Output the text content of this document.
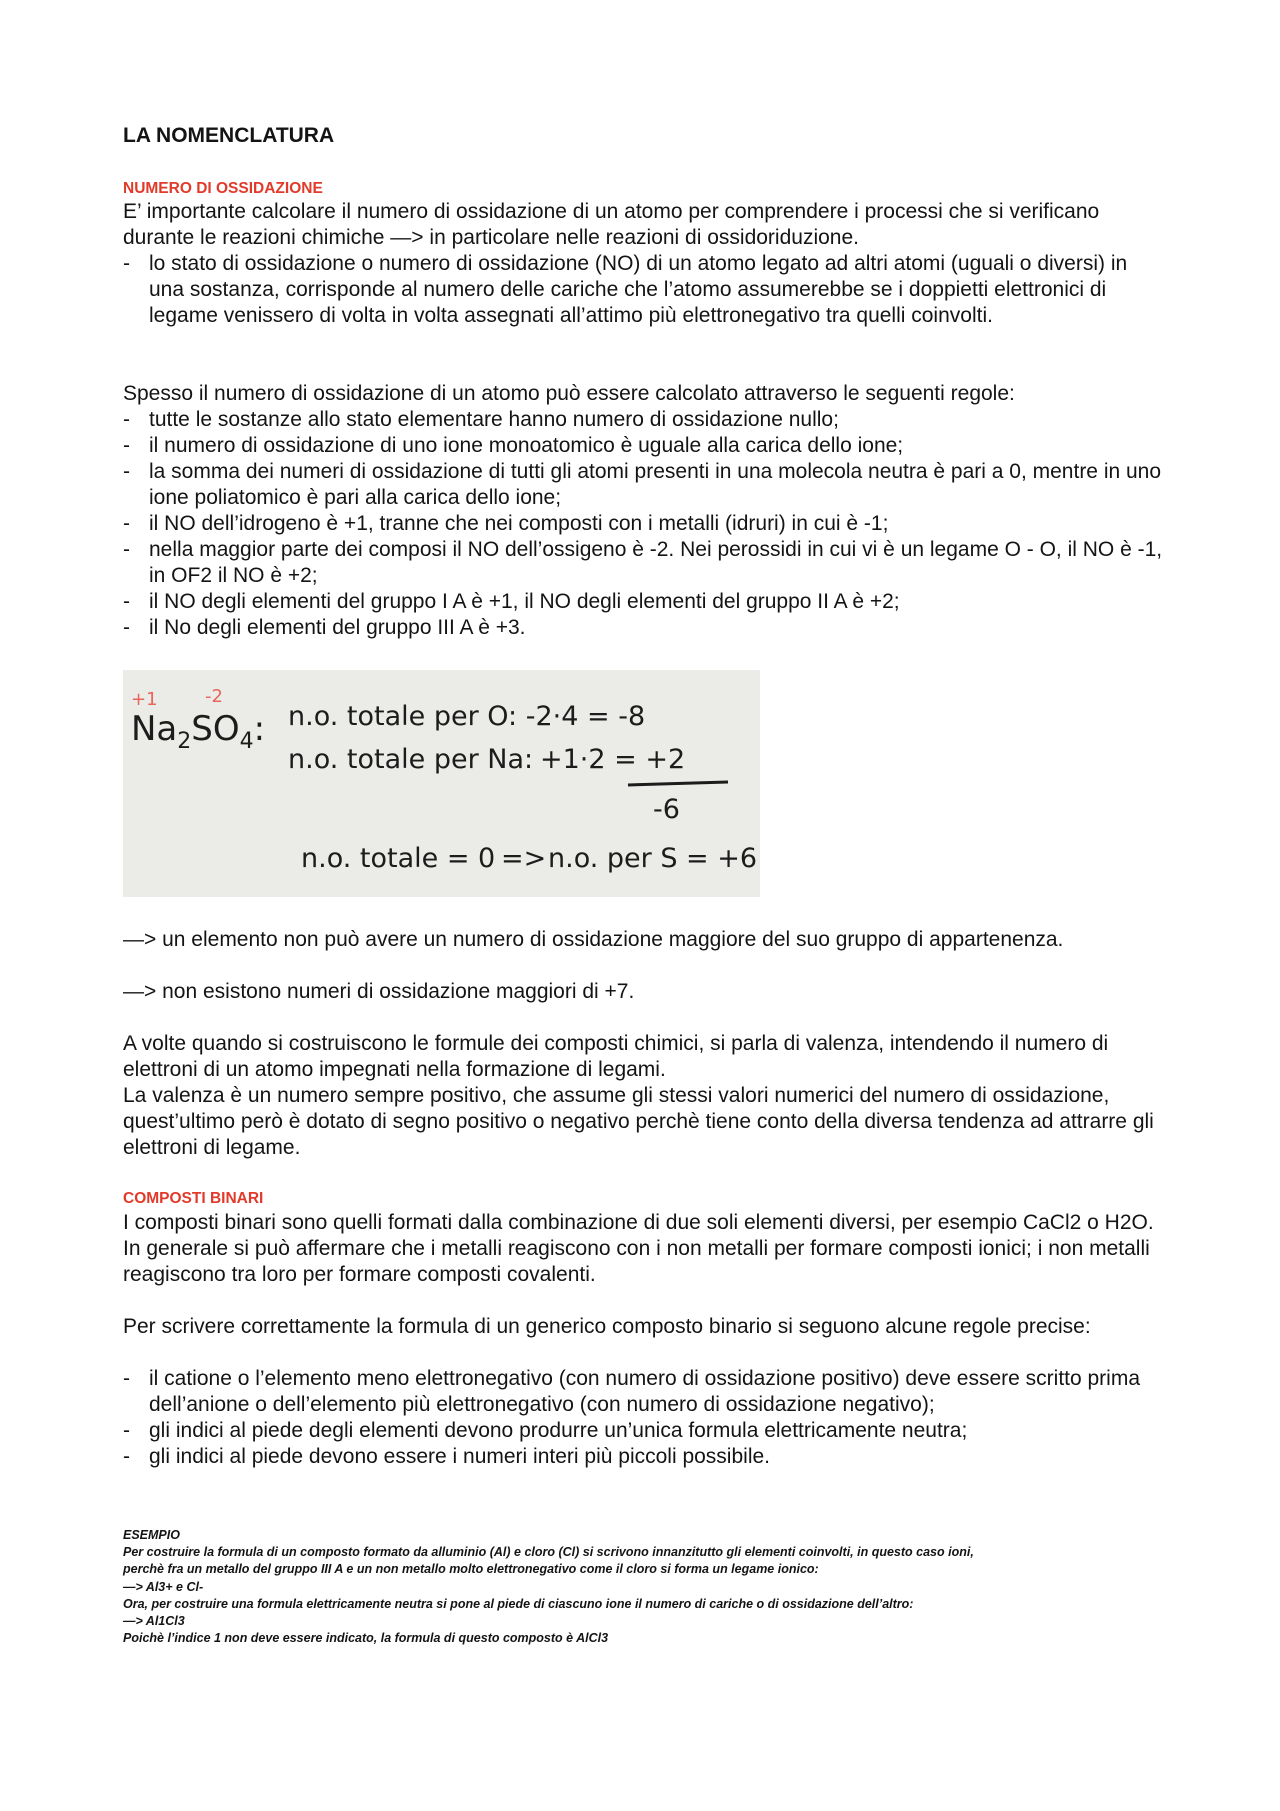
LA NOMENCLATURA
NUMERO DI OSSIDAZIONE

E’ importante calcolare il numero di ossidazione di un atomo per comprendere i processi che si verificano durante le reazioni chimiche —> in particolare nelle reazioni di ossidoriduzione.

- lo stato di ossidazione o numero di ossidazione (NO) di un atomo legato ad altri atomi (uguali o diversi) in una sostanza, corrisponde al numero delle cariche che l’atomo assumerebbe se i doppietti elettronici di legame venissero di volta in volta assegnati all’attimo più elettronegativo tra quelli coinvolti.

Spesso il numero di ossidazione di un atomo può essere calcolato attraverso le seguenti regole:

- tutte le sostanze allo stato elementare hanno numero di ossidazione nullo;
- il numero di ossidazione di uno ione monoatomico è uguale alla carica dello ione;
- la somma dei numeri di ossidazione di tutti gli atomi presenti in una molecola neutra è pari a 0, mentre in uno ione poliatomico è pari alla carica dello ione;
- il NO dell’idrogeno è +1, tranne che nei composti con i metalli (idruri) in cui è -1;
- nella maggior parte dei composi il NO dell’ossigeno è -2. Nei perossidi in cui vi è un legame O - O, il NO è -1, in OF2 il NO è +2;
- il NO degli elementi del gruppo I A è +1, il NO degli elementi del gruppo II A è +2;
- il No degli elementi del gruppo III A è +3.
+1	-2
$Na_2SO_4$: n.o. totale per O: -2·4 = -8
n.o. totale per Na: +1·2 = +2
-6
n.o. totale = 0 => n.o. per S = +6

—> un elemento non può avere un numero di ossidazione maggiore del suo gruppo di appartenenza.

—> non esistono numeri di ossidazione maggiori di +7.

A volte quando si costruiscono le formule dei composti chimici, si parla di valenza, intendendo il numero di elettroni di un atomo impegnati nella formazione di legami.

La valenza è un numero sempre positivo, che assume gli stessi valori numerici del numero di ossidazione, quest’ultimo però è dotato di segno positivo o negativo perchè tiene conto della diversa tendenza ad attrarre gli elettroni di legame.

COMPOSTI BINARI

I composti binari sono quelli formati dalla combinazione di due soli elementi diversi, per esempio CaCl2 o H2O. In generale si può affermare che i metalli reagiscono con i non metalli per formare composti ionici; i non metalli reagiscono tra loro per formare composti covalenti.

Per scrivere correttamente la formula di un generico composto binario si seguono alcune regole precise:

- il catione o l’elemento meno elettronegativo (con numero di ossidazione positivo) deve essere scritto prima dell’anione o dell’elemento più elettronegativo (con numero di ossidazione negativo);
- gli indici al piede degli elementi devono produrre un’unica formula elettricamente neutra;
- gli indici al piede devono essere i numeri interi più piccoli possibile.
ESEMPIO
Per costruire la formula di un composto formato da alluminio (Al) e cloro (Cl) si scrivono innanzitutto gli elementi coinvolti, in questo caso ioni,
perchè fra un metallo del gruppo III A e un non metallo molto elettronegativo come il cloro si forma un legame ionico:
—> Al3+ e Cl-
Ora, per costruire una formula elettricamente neutra si pone al piede di ciascuno ione il numero di cariche o di ossidazione dell’altro:
—> Al1Cl3
Poichè l’indice 1 non deve essere indicato, la formula di questo composto è AlCl3
